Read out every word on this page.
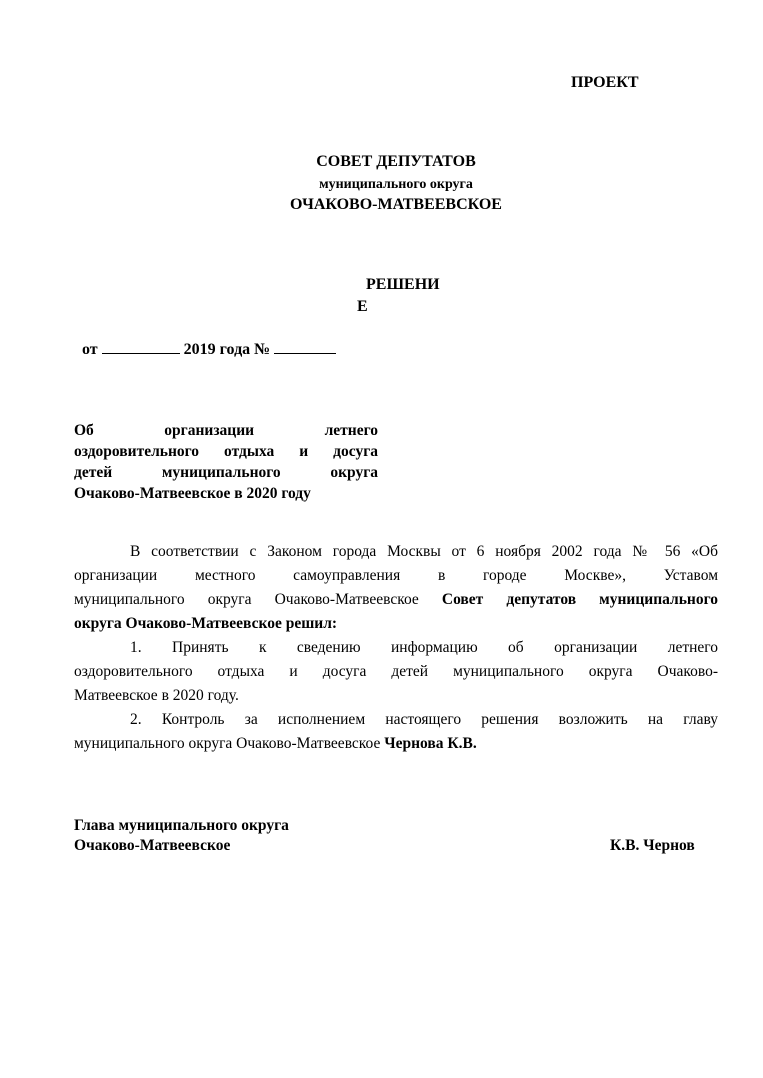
ПРОЕКТ
СОВЕТ ДЕПУТАТОВ
муниципального округа
ОЧАКОВО-МАТВЕЕВСКОЕ
РЕШЕНИ
Е
от	2019 года №
Об организации летнего
оздоровительного отдыха и досуга
детей муниципального округа
Очаково-Матвеевское в 2020 году
В соответствии с Законом города Москвы от 6 ноября 2002 года № 56 «Об
организации местного самоуправления в городе Москве», Уставом
муниципального округа Очаково-Матвеевское Совет депутатов муниципального
округа Очаково-Матвеевское решил:
1. Принять к сведению информацию об организации летнего
оздоровительного отдыха и досуга детей муниципального округа Очаково-
Матвеевское в 2020 году.
2. Контроль за исполнением настоящего решения возложить на главу
муниципального округа Очаково-Матвеевское Чернова К.В.
Глава муниципального округа
Очаково-Матвеевское	К.В. Чернов
